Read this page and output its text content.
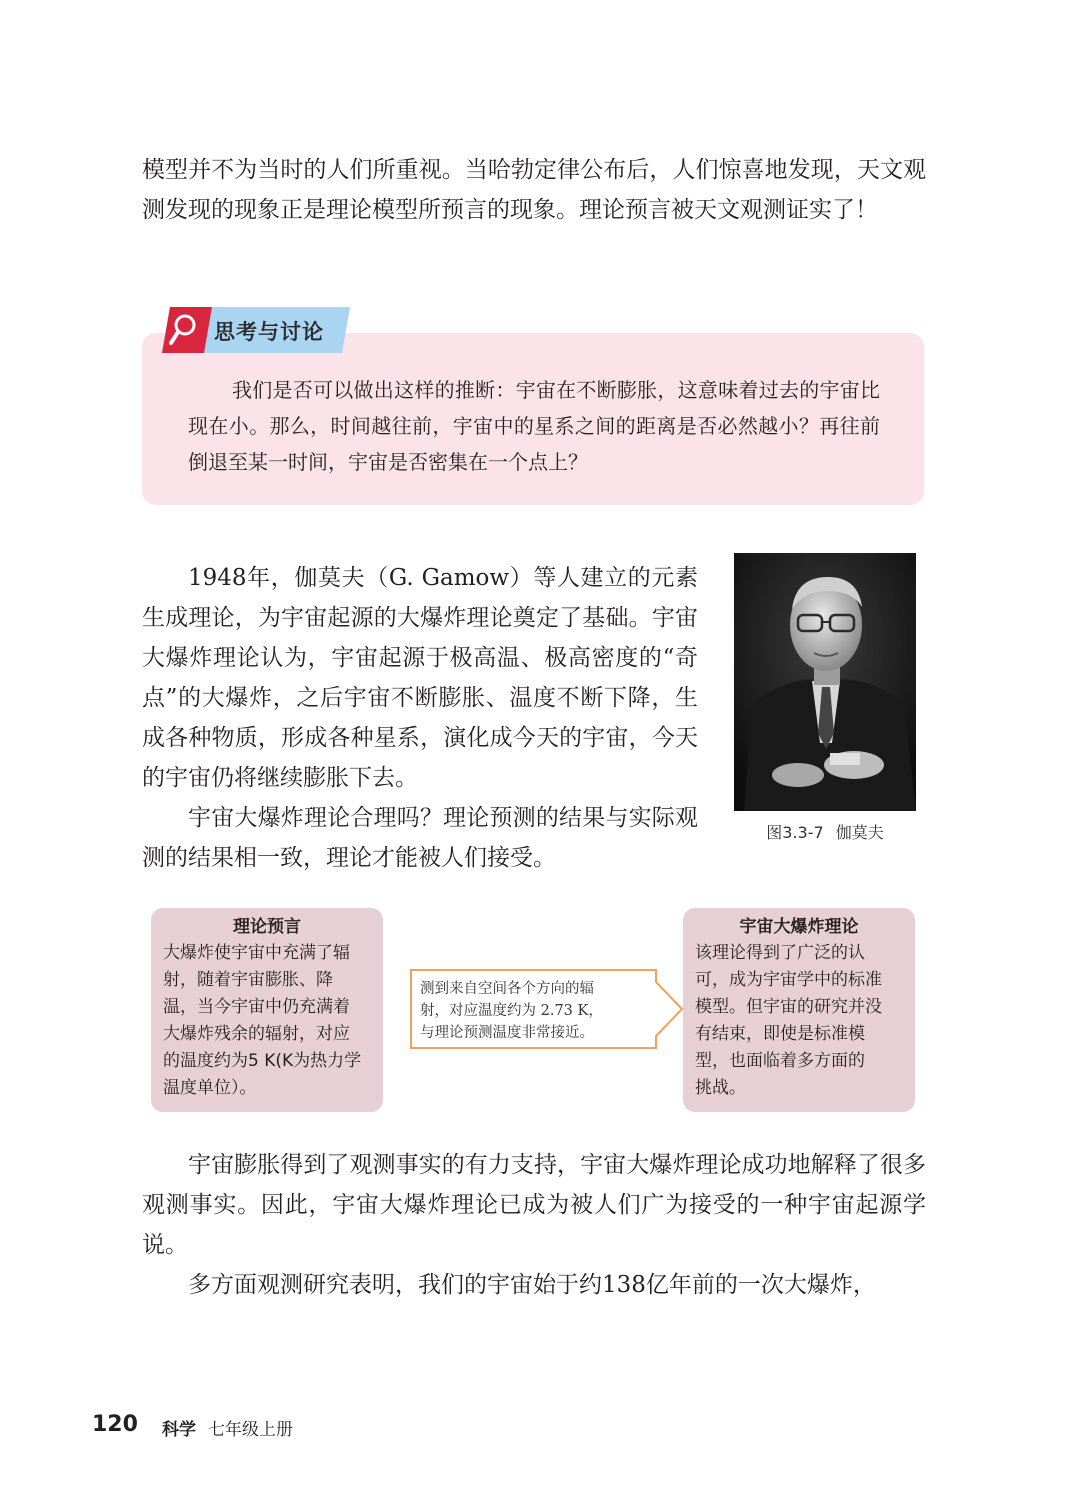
模型并不为当时的人们所重视。当哈勃定律公布后，人们惊喜地发现，天文观测发现的现象正是理论模型所预言的现象。理论预言被天文观测证实了！

思考与讨论

我们是否可以做出这样的推断：宇宙在不断膨胀，这意味着过去的宇宙比现在小。那么，时间越往前，宇宙中的星系之间的距离是否必然越小？再往前倒退至某一时间，宇宙是否密集在一个点上？

1948年，伽莫夫（G. Gamow）等人建立的元素生成理论，为宇宙起源的大爆炸理论奠定了基础。宇宙大爆炸理论认为，宇宙起源于极高温、极高密度的“奇点”的大爆炸，之后宇宙不断膨胀、温度不断下降，生成各种物质，形成各种星系，演化成今天的宇宙，今天的宇宙仍将继续膨胀下去。

宇宙大爆炸理论合理吗？理论预测的结果与实际观测的结果相一致，理论才能被人们接受。

图3.3-7 伽莫夫
理论预言
大爆炸使宇宙中充满了辐
射，随着宇宙膨胀、降
温，当今宇宙中仍充满着
大爆炸残余的辐射，对应
的温度约为5 K(K为热力学
温度单位）。
测到来自空间各个方向的辐
射，对应温度约为 2.73 K，
与理论预测温度非常接近。
宇宙大爆炸理论
该理论得到了广泛的认
可，成为宇宙学中的标准
模型。但宇宙的研究并没
有结束，即使是标准模
型，也面临着多方面的
挑战。

宇宙膨胀得到了观测事实的有力支持，宇宙大爆炸理论成功地解释了很多观测事实。因此，宇宙大爆炸理论已成为被人们广为接受的一种宇宙起源学说。

多方面观测研究表明，我们的宇宙始于约138亿年前的一次大爆炸，

120 科学 七年级上册
